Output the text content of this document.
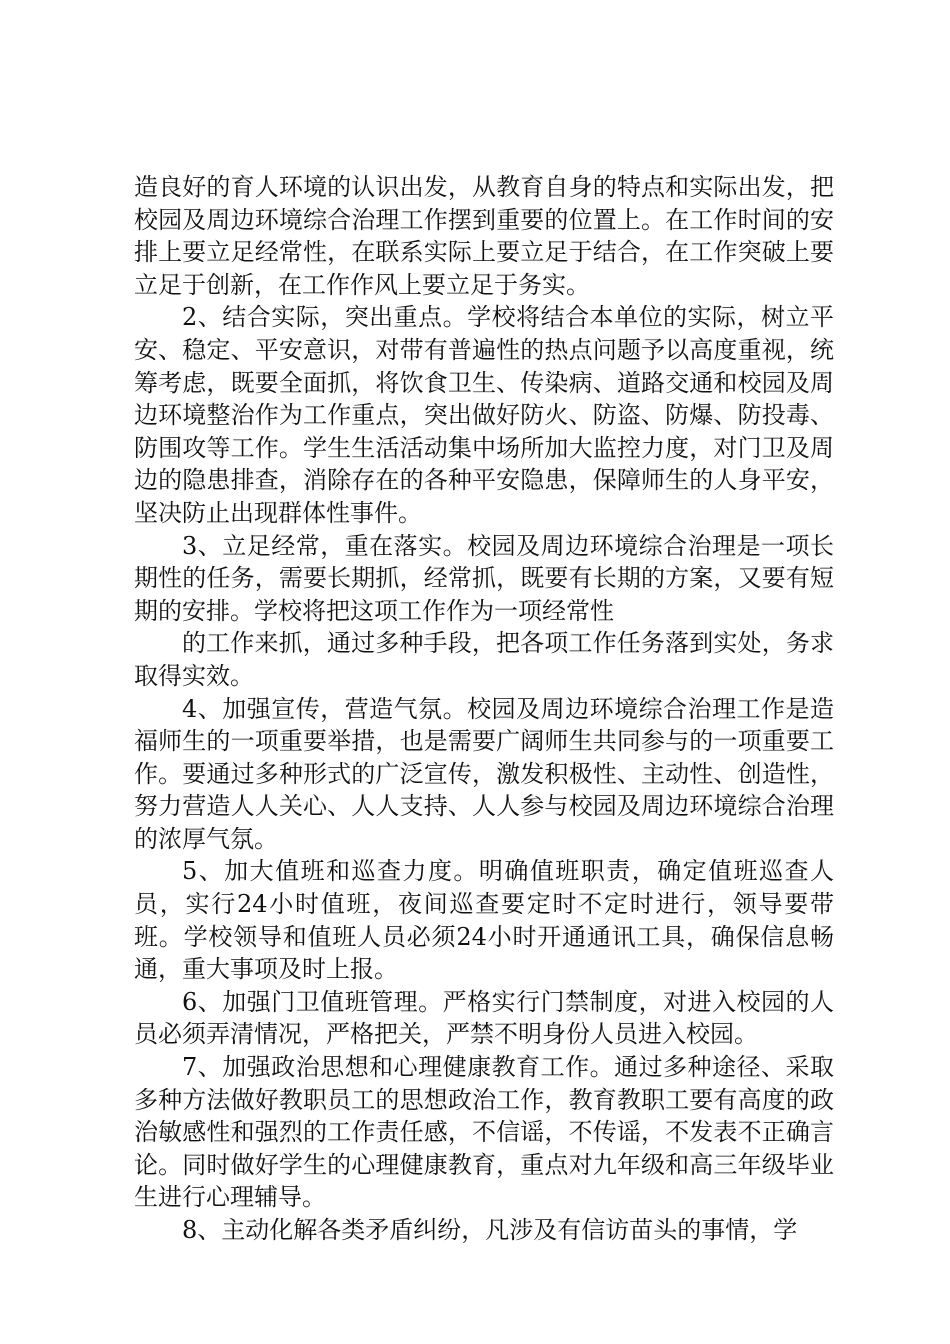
造良好的育人环境的认识出发，从教育自身的特点和实际出发，把校园及周边环境综合治理工作摆到重要的位置上。在工作时间的安排上要立足经常性，在联系实际上要立足于结合，在工作突破上要立足于创新，在工作作风上要立足于务实。

2、结合实际，突出重点。学校将结合本单位的实际，树立平安、稳定、平安意识，对带有普遍性的热点问题予以高度重视，统筹考虑，既要全面抓，将饮食卫生、传染病、道路交通和校园及周边环境整治作为工作重点，突出做好防火、防盗、防爆、防投毒、防围攻等工作。学生生活活动集中场所加大监控力度，对门卫及周边的隐患排查，消除存在的各种平安隐患，保障师生的人身平安，坚决防止出现群体性事件。

3、立足经常，重在落实。校园及周边环境综合治理是一项长期性的任务，需要长期抓，经常抓，既要有长期的方案，又要有短期的安排。学校将把这项工作作为一项经常性

的工作来抓，通过多种手段，把各项工作任务落到实处，务求取得实效。

4、加强宣传，营造气氛。校园及周边环境综合治理工作是造福师生的一项重要举措，也是需要广阔师生共同参与的一项重要工作。要通过多种形式的广泛宣传，激发积极性、主动性、创造性，努力营造人人关心、人人支持、人人参与校园及周边环境综合治理的浓厚气氛。

5、加大值班和巡查力度。明确值班职责，确定值班巡查人员，实行24小时值班，夜间巡查要定时不定时进行，领导要带班。学校领导和值班人员必须24小时开通通讯工具，确保信息畅通，重大事项及时上报。

6、加强门卫值班管理。严格实行门禁制度，对进入校园的人员必须弄清情况，严格把关，严禁不明身份人员进入校园。

7、加强政治思想和心理健康教育工作。通过多种途径、采取多种方法做好教职员工的思想政治工作，教育教职工要有高度的政治敏感性和强烈的工作责任感，不信谣，不传谣，不发表不正确言论。同时做好学生的心理健康教育，重点对九年级和高三年级毕业生进行心理辅导。

8、主动化解各类矛盾纠纷，凡涉及有信访苗头的事情，学
